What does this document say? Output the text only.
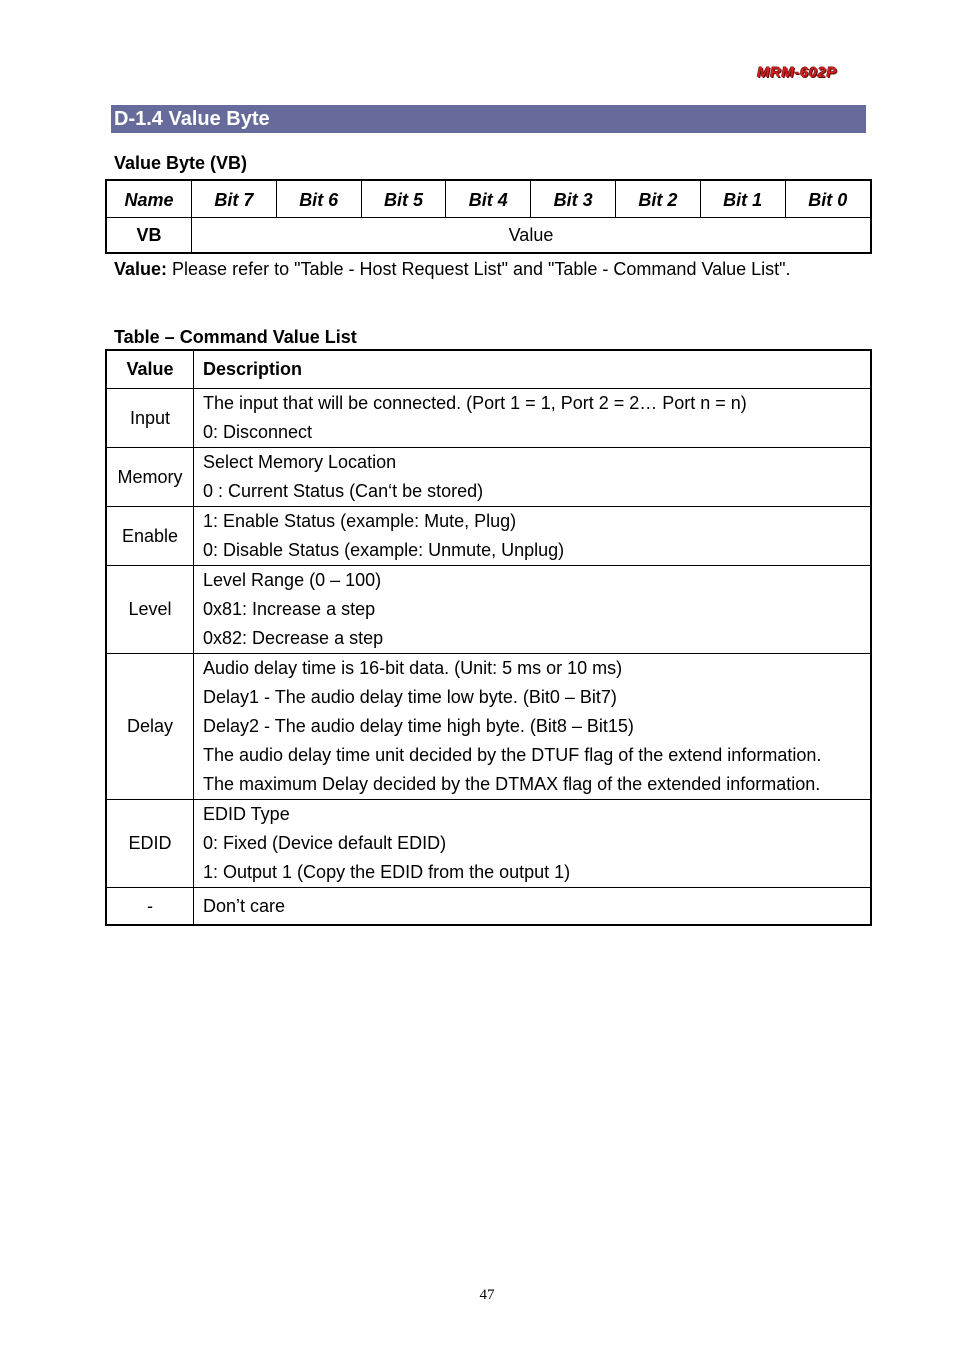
MRM-602P
D-1.4 Value Byte
Value Byte (VB)
Name	Bit 7	Bit 6	Bit 5	Bit 4	Bit 3	Bit 2	Bit 1	Bit 0
VB	Value							
Value: Please refer to "Table - Host Request List" and "Table - Command Value List".
Table – Command Value List
Value	Description
Input	The input that will be connected. (Port 1 = 1, Port 2 = 2… Port n = n)
0: Disconnect

Memory	Select Memory Location
0 : Current Status (Can‘t be stored)

Enable	1: Enable Status (example: Mute, Plug)
0: Disable Status (example: Unmute, Unplug)

Level	Level Range (0 – 100)
0x81: Increase a step
0x82: Decrease a step

Delay	Audio delay time is 16-bit data. (Unit: 5 ms or 10 ms)
Delay1 - The audio delay time low byte. (Bit0 – Bit7)
Delay2 - The audio delay time high byte. (Bit8 – Bit15)
The audio delay time unit decided by the DTUF flag of the extend information.
The maximum Delay decided by the DTMAX flag of the extended information.

EDID	EDID Type
0: Fixed (Device default EDID)
1: Output 1 (Copy the EDID from the output 1)

-	Don’t care
47
